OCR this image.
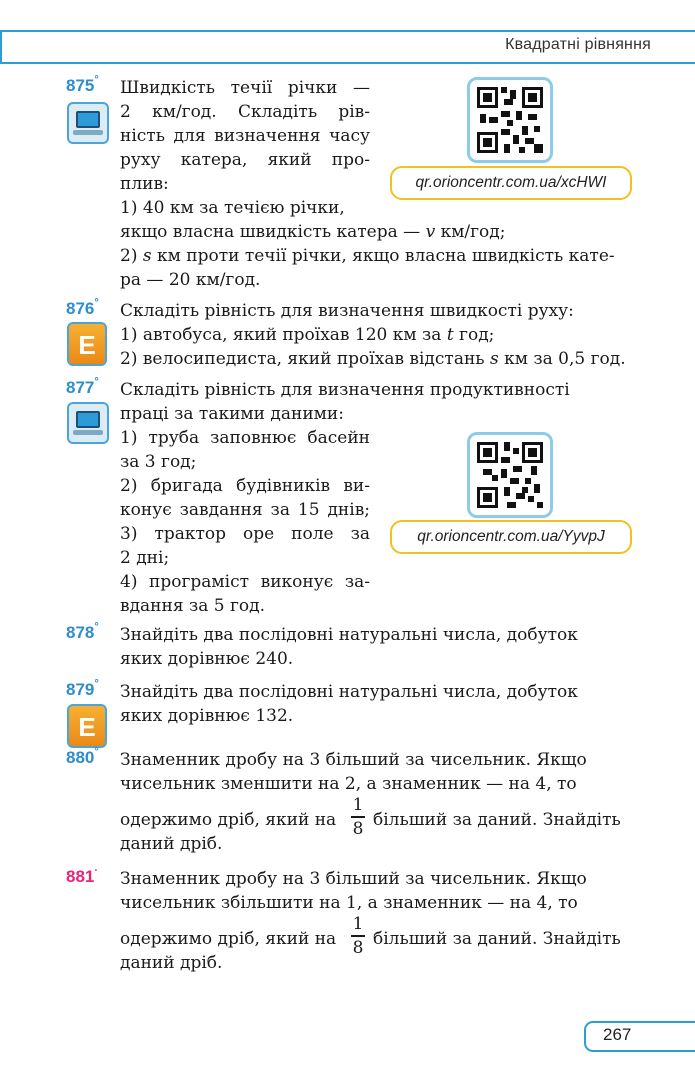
Квадратні рівняння
875° Швидкість течії річки —
2 км/год. Складіть рів-
ність для визначення часу
руху катера, який про-
плив:
1) 40 км за течією річки,
якщо власна швидкість катера — v км/год;
2) s км проти течії річки, якщо власна швидкість кате-
ра — 20 км/год.
qr.orioncentr.com.ua/xcHWI
876°
E
Складіть рівність для визначення швидкості руху:
1) автобуса, який проїхав 120 км за t год;
2) велосипедиста, який проїхав відстань s км за 0,5 год.
877° Складіть рівність для визначення продуктивності
праці за такими даними:
1) труба заповнює басейн
за 3 год;
2) бригада будівників ви-
конує завдання за 15 днів;
3) трактор оре поле за
2 дні;
4) програміст виконує за-
вдання за 5 год.
qr.orioncentr.com.ua/YyvpJ
878° Знайдіть два послідовні натуральні числа, добуток
яких дорівнює 240.
879°
E
Знайдіть два послідовні натуральні числа, добуток
яких дорівнює 132.
880° Знаменник дробу на 3 більший за чисельник. Якщо
чисельник зменшити на 2, а знаменник — на 4, то
одержимо дріб, який на
1
8 більший за даний. Знайдіть
даний дріб.
881· Знаменник дробу на 3 більший за чисельник. Якщо
чисельник збільшити на 1, а знаменник — на 4, то
одержимо дріб, який на
1
8 більший за даний. Знайдіть
даний дріб.
267
